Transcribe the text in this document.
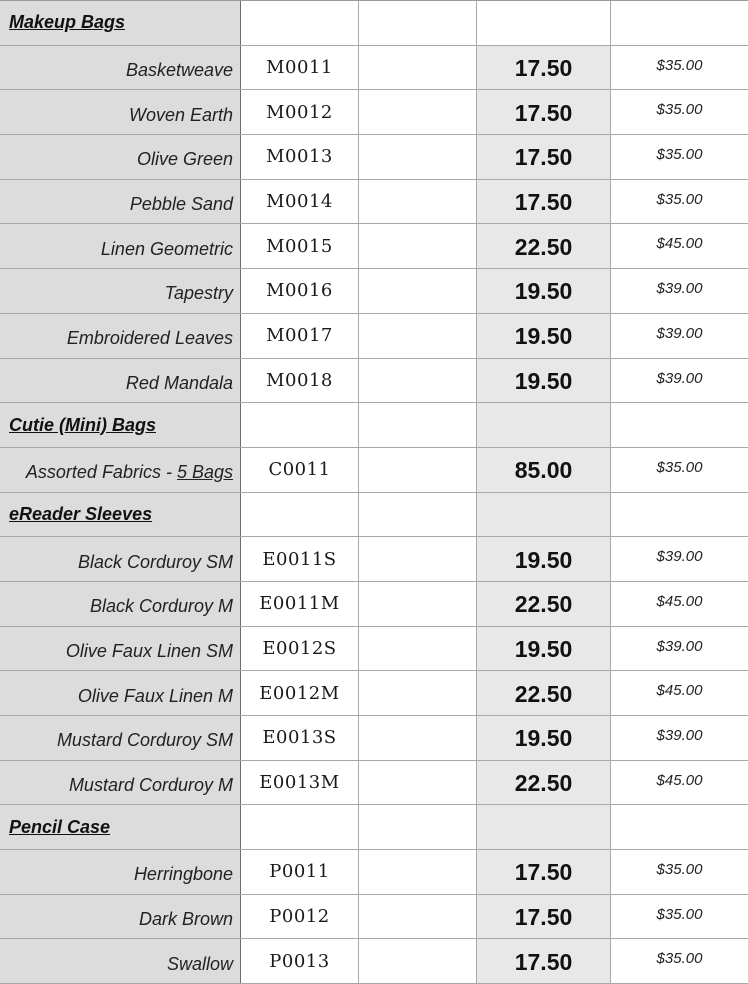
Makeup Bags
Basketweave M0011	17.50	$35.00
Woven Earth M0012	17.50	$35.00
Olive Green M0013	17.50	$35.00
Pebble Sand M0014	17.50	$35.00
Linen Geometric M0015	22.50	$45.00
Tapestry M0016	19.50	$39.00
Embroidered Leaves M0017	19.50	$39.00
Red Mandala M0018	19.50	$39.00
Cutie (Mini) Bags
Assorted Fabrics - 5 Bags C0011	85.00	$35.00
eReader Sleeves
Black Corduroy SM E0011S	19.50	$39.00
Black Corduroy M E0011M	22.50	$45.00
Olive Faux Linen SM E0012S	19.50	$39.00
Olive Faux Linen M E0012M	22.50	$45.00
Mustard Corduroy SM E0013S	19.50	$39.00
Mustard Corduroy M E0013M	22.50	$45.00
Pencil Case
Herringbone P0011	17.50	$35.00
Dark Brown P0012	17.50	$35.00
Swallow P0013	17.50	$35.00
